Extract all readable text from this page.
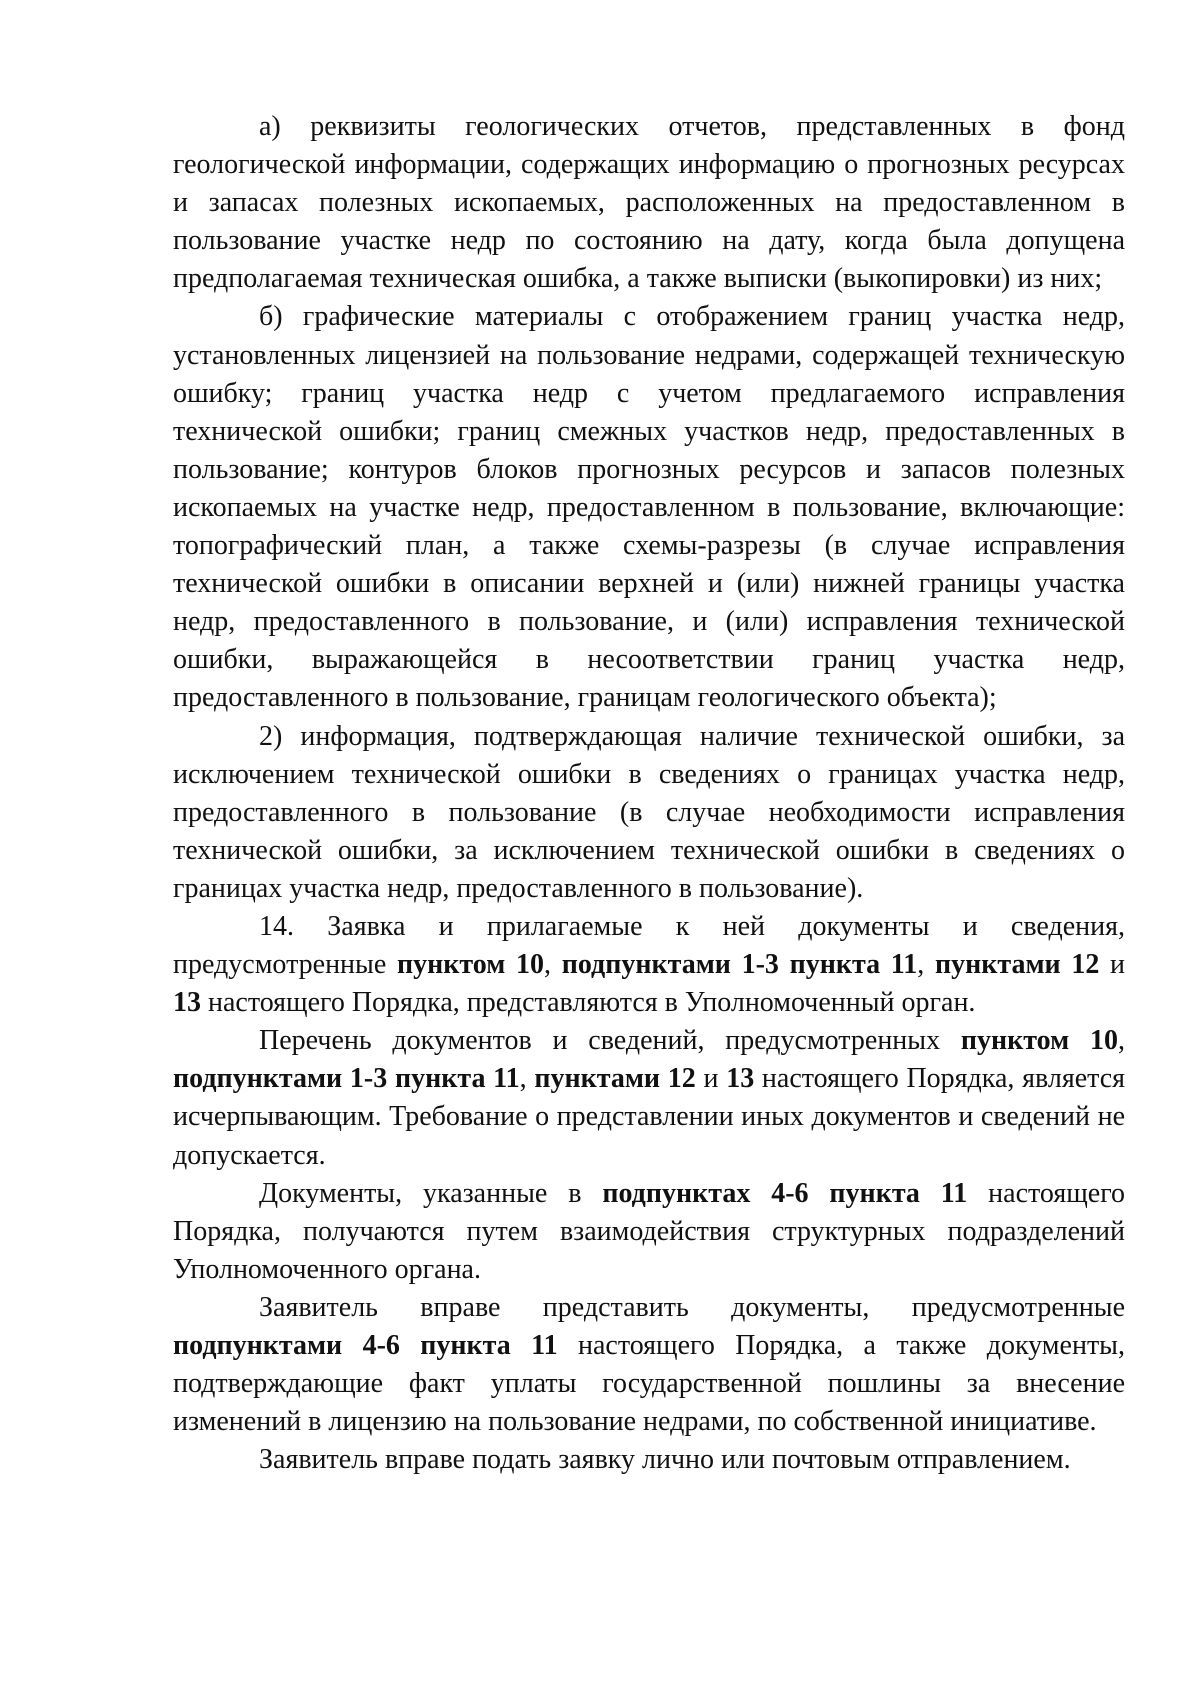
а) реквизиты геологических отчетов, представленных в фонд геологической информации, содержащих информацию о прогнозных ресурсах и запасах полезных ископаемых, расположенных на предоставленном в пользование участке недр по состоянию на дату, когда была допущена предполагаемая техническая ошибка, а также выписки (выкопировки) из них;

б) графические материалы с отображением границ участка недр, установленных лицензией на пользование недрами, содержащей техническую ошибку; границ участка недр с учетом предлагаемого исправления технической ошибки; границ смежных участков недр, предоставленных в пользование; контуров блоков прогнозных ресурсов и запасов полезных ископаемых на участке недр, предоставленном в пользование, включающие: топографический план, а также схемы-разрезы (в случае исправления технической ошибки в описании верхней и (или) нижней границы участка недр, предоставленного в пользование, и (или) исправления технической ошибки, выражающейся в несоответствии границ участка недр, предоставленного в пользование, границам геологического объекта);

2) информация, подтверждающая наличие технической ошибки, за исключением технической ошибки в сведениях о границах участка недр, предоставленного в пользование (в случае необходимости исправления технической ошибки, за исключением технической ошибки в сведениях о границах участка недр, предоставленного в пользование).

14. Заявка и прилагаемые к ней документы и сведения, предусмотренные пунктом 10, подпунктами 1-3 пункта 11, пунктами 12 и 13 настоящего Порядка, представляются в Уполномоченный орган.

Перечень документов и сведений, предусмотренных пунктом 10, подпунктами 1-3 пункта 11, пунктами 12 и 13 настоящего Порядка, является исчерпывающим. Требование о представлении иных документов и сведений не допускается.

Документы, указанные в подпунктах 4-6 пункта 11 настоящего Порядка, получаются путем взаимодействия структурных подразделений Уполномоченного органа.

Заявитель вправе представить документы, предусмотренные подпунктами 4-6 пункта 11 настоящего Порядка, а также документы, подтверждающие факт уплаты государственной пошлины за внесение изменений в лицензию на пользование недрами, по собственной инициативе.

Заявитель вправе подать заявку лично или почтовым отправлением.
